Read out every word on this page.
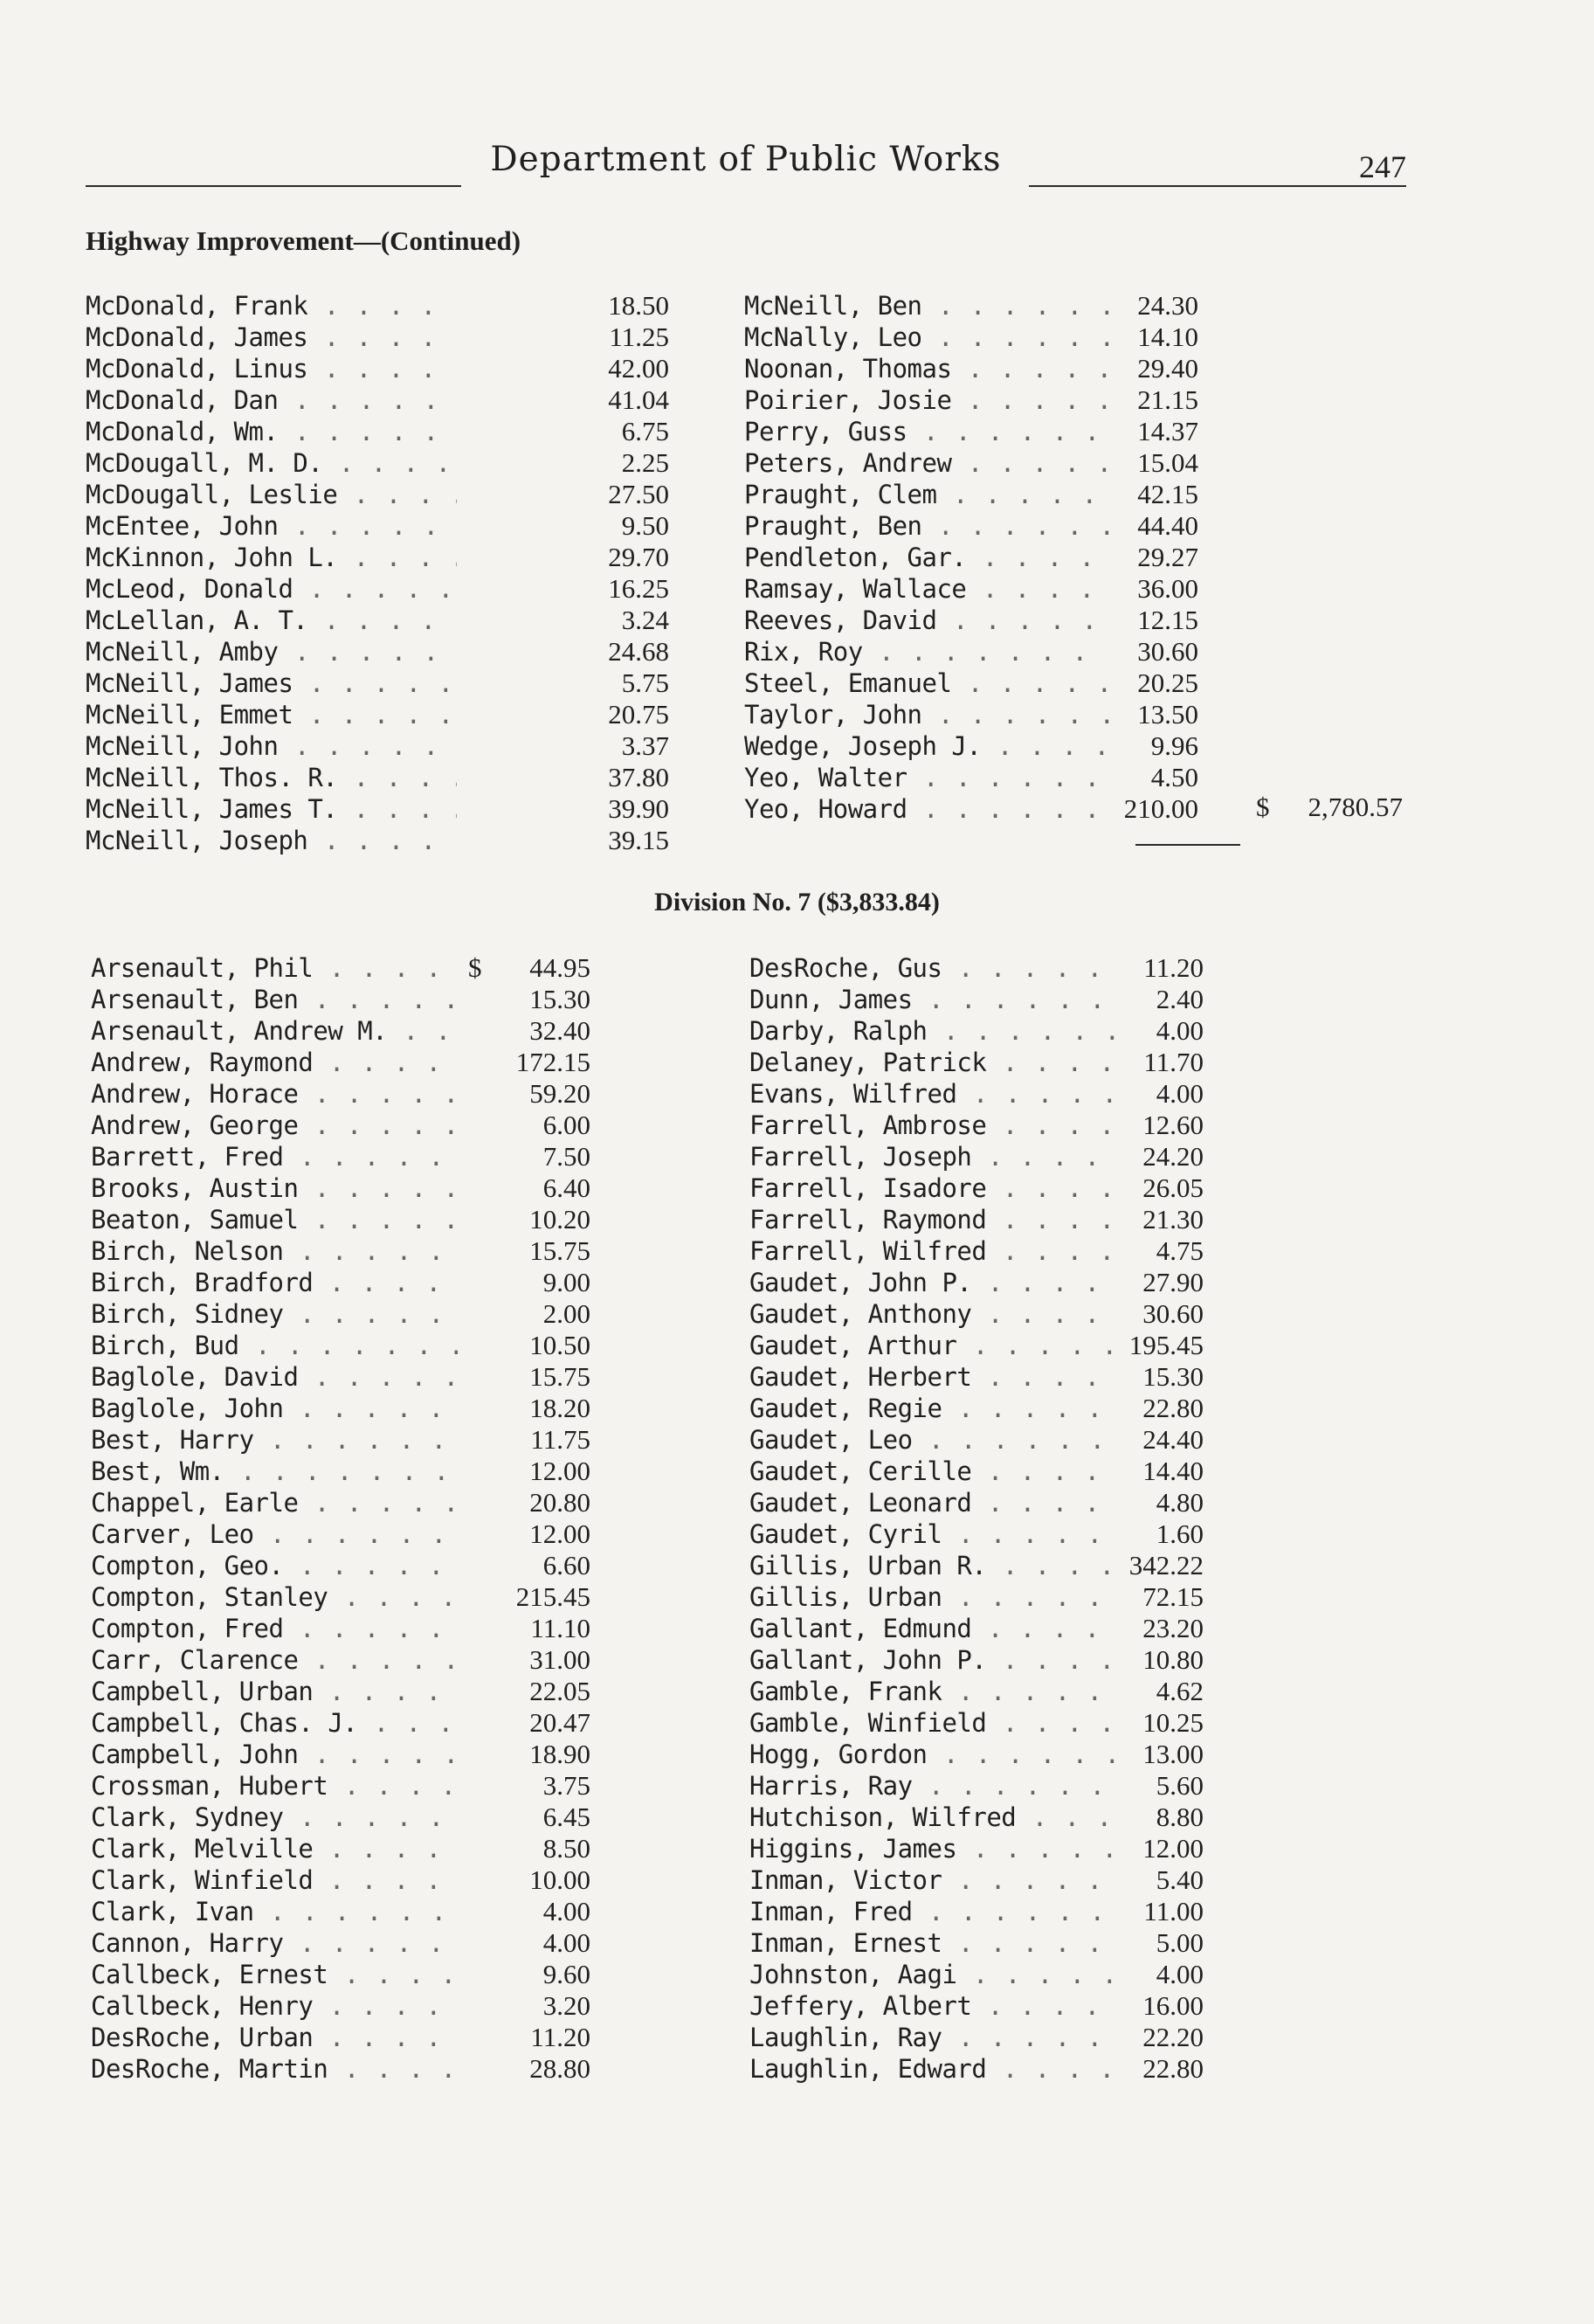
Department of Public Works	247
Highway Improvement—(Continued)
McDonald, Frank . . .	18.50
McDonald, James . . .	11.25
McDonald, Linus . . .	42.00
McDonald, Dan . . .	41.04
McDonald, Wm. . . .	6.75
McDougall, M. D. . . .	2.25
McDougall, Leslie . . .	27.50
McEntee, John . . .	9.50
McKinnon, John L. . . .	29.70
McLeod, Donald . . .	16.25
McLellan, A. T. . . .	3.24
McNeill, Amby . . .	24.68
McNeill, James . . .	5.75
McNeill, Emmet . . .	20.75
McNeill, John . . .	3.37
McNeill, Thos. R. . . .	37.80
McNeill, James T. . . .	39.90
McNeill, Joseph . . .	39.15
McNeill, Ben . . .	24.30
McNally, Leo . . .	14.10
Noonan, Thomas . . .	29.40
Poirier, Josie . . .	21.15
Perry, Guss . . .	14.37
Peters, Andrew . . .	15.04
Praught, Clem . . .	42.15
Praught, Ben . . .	44.40
Pendleton, Gar. . . .	29.27
Ramsay, Wallace . . .	36.00
Reeves, David . . .	12.15
Rix, Roy . . .	30.60
Steel, Emanuel . . .	20.25
Taylor, John . . .	13.50
Wedge, Joseph J. . . .	9.96
Yeo, Walter . . .	4.50
Yeo, Howard . . .	210.00 $	2,780.57
Division No. 7 ($3,833.84)
Arsenault, Phil . . .	$	44.95
Arsenault, Ben . . .	15.30
Arsenault, Andrew M. . . .	32.40
Andrew, Raymond . . .	172.15
Andrew, Horace . . .	59.20
Andrew, George . . .	6.00
Barrett, Fred . . .	7.50
Brooks, Austin . . .	6.40
Beaton, Samuel . . .	10.20
Birch, Nelson . . .	15.75
Birch, Bradford . . .	9.00
Birch, Sidney . . .	2.00
Birch, Bud . . .	10.50
Baglole, David . . .	15.75
Baglole, John . . .	18.20
Best, Harry . . .	11.75
Best, Wm. . . .	12.00
Chappel, Earle . . .	20.80
Carver, Leo . . .	12.00
Compton, Geo. . . .	6.60
Compton, Stanley . . .	215.45
Compton, Fred . . .	11.10
Carr, Clarence . . .	31.00
Campbell, Urban . . .	22.05
Campbell, Chas. J. . . .	20.47
Campbell, John . . .	18.90
Crossman, Hubert . . .	3.75
Clark, Sydney . . .	6.45
Clark, Melville . . .	8.50
Clark, Winfield . . .	10.00
Clark, Ivan . . .	4.00
Cannon, Harry . . .	4.00
Callbeck, Ernest . . .	9.60
Callbeck, Henry . . .	3.20
DesRoche, Urban . . .	11.20
DesRoche, Martin . . .	28.80
DesRoche, Gus . . .	11.20
Dunn, James . . .	2.40
Darby, Ralph . . .	4.00
Delaney, Patrick . . .	11.70
Evans, Wilfred . . .	4.00
Farrell, Ambrose . . .	12.60
Farrell, Joseph . . .	24.20
Farrell, Isadore . . .	26.05
Farrell, Raymond . . .	21.30
Farrell, Wilfred . . .	4.75
Gaudet, John P. . . .	27.90
Gaudet, Anthony . . .	30.60
Gaudet, Arthur . . .	195.45
Gaudet, Herbert . . .	15.30
Gaudet, Regie . . .	22.80
Gaudet, Leo . . .	24.40
Gaudet, Cerille . . .	14.40
Gaudet, Leonard . . .	4.80
Gaudet, Cyril . . .	1.60
Gillis, Urban R. . . .	342.22
Gillis, Urban . . .	72.15
Gallant, Edmund . . .	23.20
Gallant, John P. . . .	10.80
Gamble, Frank . . .	4.62
Gamble, Winfield . . .	10.25
Hogg, Gordon . . .	13.00
Harris, Ray . . .	5.60
Hutchison, Wilfred . . .	8.80
Higgins, James . . .	12.00
Inman, Victor . . .	5.40
Inman, Fred . . .	11.00
Inman, Ernest . . .	5.00
Johnston, Aagi . . .	4.00
Jeffery, Albert . . .	16.00
Laughlin, Ray . . .	22.20
Laughlin, Edward . . .	22.80
